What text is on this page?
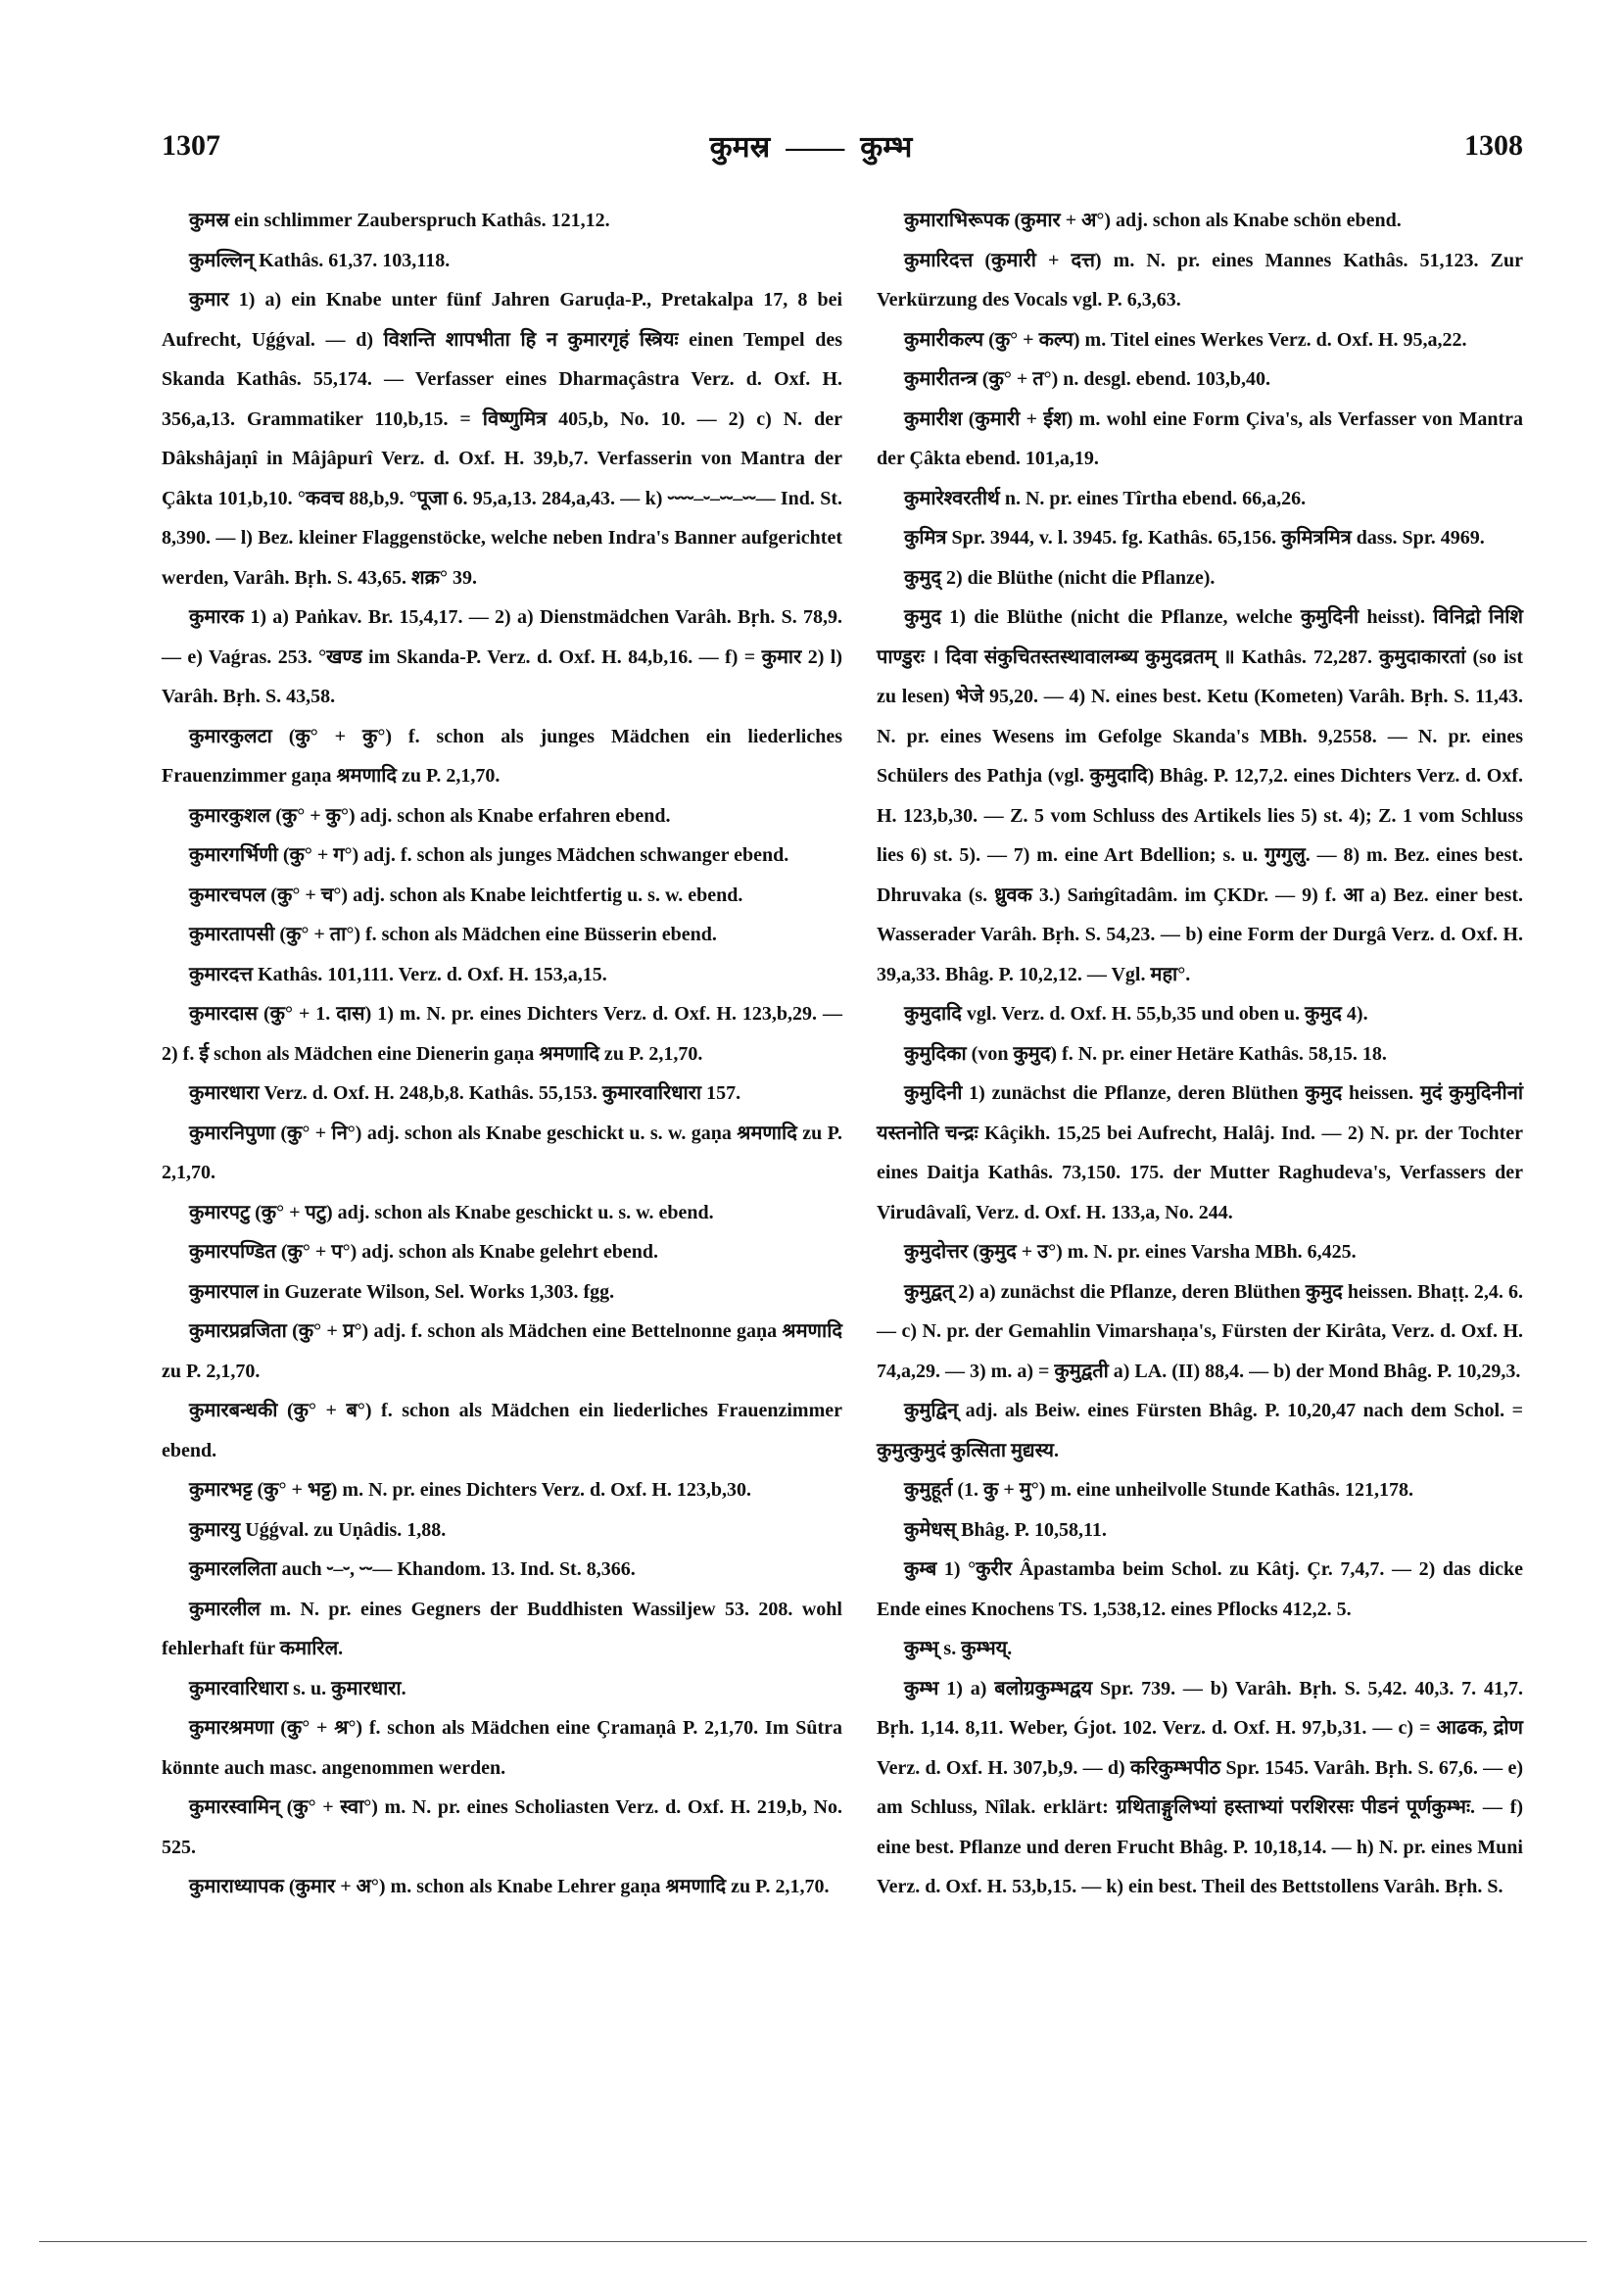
1307	कुमस्र —— कुम्भ	1308

कुमस्र ein schlimmer Zauberspruch Kathâs. 121,12.

कुमल्लिन् Kathâs. 61,37. 103,118.

कुमार 1) a) ein Knabe unter fünf Jahren Garuḍa-P., Pretakalpa 17, 8 bei Aufrecht, Uǵǵval. — d) विशन्ति शापभीता हि न कुमारगृहं स्त्रियः einen Tempel des Skanda Kathâs. 55,174. — Verfasser eines Dharmaçâstra Verz. d. Oxf. H. 356,a,13. Grammatiker 110,b,15. = विष्णुमित्र 405,b, No. 10. — 2) c) N. der Dâkshâjaṇî in Mâjâpurî Verz. d. Oxf. H. 39,b,7. Verfasserin von Mantra der Çâkta 101,b,10. °कवच 88,b,9. °पूजा 6. 95,a,13. 284,a,43. — k) ⏑⏑⏑⏑–⏑–⏑⏑–⏑⏑–– Ind. St. 8,390. — l) Bez. kleiner Flaggenstöcke, welche neben Indra's Banner aufgerichtet werden, Varâh. Bṛh. S. 43,65. शक्र° 39.

कुमारक 1) a) Paṅkav. Br. 15,4,17. — 2) a) Dienstmädchen Varâh. Bṛh. S. 78,9. — e) Vaǵras. 253. °खण्ड im Skanda-P. Verz. d. Oxf. H. 84,b,16. — f) = कुमार 2) l) Varâh. Bṛh. S. 43,58.

कुमारकुलटा (कु° + कु°) f. schon als junges Mädchen ein liederliches Frauenzimmer gaṇa श्रमणादि zu P. 2,1,70.

कुमारकुशल (कु° + कु°) adj. schon als Knabe erfahren ebend.

कुमारगर्भिणी (कु° + ग°) adj. f. schon als junges Mädchen schwanger ebend.

कुमारचपल (कु° + च°) adj. schon als Knabe leichtfertig u. s. w. ebend.

कुमारतापसी (कु° + ता°) f. schon als Mädchen eine Büsserin ebend.

कुमारदत्त Kathâs. 101,111. Verz. d. Oxf. H. 153,a,15.

कुमारदास (कु° + 1. दास) 1) m. N. pr. eines Dichters Verz. d. Oxf. H. 123,b,29. — 2) f. ई schon als Mädchen eine Dienerin gaṇa श्रमणादि zu P. 2,1,70.

कुमारधारा Verz. d. Oxf. H. 248,b,8. Kathâs. 55,153. कुमारवारिधारा 157.

कुमारनिपुणा (कु° + नि°) adj. schon als Knabe geschickt u. s. w. gaṇa श्रमणादि zu P. 2,1,70.

कुमारपटु (कु° + पटु) adj. schon als Knabe geschickt u. s. w. ebend.

कुमारपण्डित (कु° + प°) adj. schon als Knabe gelehrt ebend.

कुमारपाल in Guzerate Wilson, Sel. Works 1,303. fgg.

कुमारप्रव्रजिता (कु° + प्र°) adj. f. schon als Mädchen eine Bettelnonne gaṇa श्रमणादि zu P. 2,1,70.

कुमारबन्धकी (कु° + ब°) f. schon als Mädchen ein liederliches Frauenzimmer ebend.

कुमारभट्ट (कु° + भट्ट) m. N. pr. eines Dichters Verz. d. Oxf. H. 123,b,30.

कुमारयु Uǵǵval. zu Uṇâdis. 1,88.

कुमारललिता auch ⏑–⏑, ⏑⏑–– Khandom. 13. Ind. St. 8,366.

कुमारलील m. N. pr. eines Gegners der Buddhisten Wassiljew 53. 208. wohl fehlerhaft für कमारिल.

कुमारवारिधारा s. u. कुमारधारा.

कुमारश्रमणा (कु° + श्र°) f. schon als Mädchen eine Çramaṇâ P. 2,1,70. Im Sûtra könnte auch masc. angenommen werden.

कुमारस्वामिन् (कु° + स्वा°) m. N. pr. eines Scholiasten Verz. d. Oxf. H. 219,b, No. 525.

कुमाराध्यापक (कुमार + अ°) m. schon als Knabe Lehrer gaṇa श्रमणादि zu P. 2,1,70.

कुमाराभिरूपक (कुमार + अ°) adj. schon als Knabe schön ebend.

कुमारिदत्त (कुमारी + दत्त) m. N. pr. eines Mannes Kathâs. 51,123. Zur Verkürzung des Vocals vgl. P. 6,3,63.

कुमारीकल्प (कु° + कल्प) m. Titel eines Werkes Verz. d. Oxf. H. 95,a,22.

कुमारीतन्त्र (कु° + त°) n. desgl. ebend. 103,b,40.

कुमारीश (कुमारी + ईश) m. wohl eine Form Çiva's, als Verfasser von Mantra der Çâkta ebend. 101,a,19.

कुमारेश्वरतीर्थ n. N. pr. eines Tîrtha ebend. 66,a,26.

कुमित्र Spr. 3944, v. l. 3945. fg. Kathâs. 65,156. कुमित्रमित्र dass. Spr. 4969.

कुमुद् 2) die Blüthe (nicht die Pflanze).

कुमुद 1) die Blüthe (nicht die Pflanze, welche कुमुदिनी heisst). विनिद्रो निशि पाण्डुरः । दिवा संकुचितस्तस्थावालम्ब्य कुमुदव्रतम् ॥ Kathâs. 72,287. कुमुदाकारतां (so ist zu lesen) भेजे 95,20. — 4) N. eines best. Ketu (Kometen) Varâh. Bṛh. S. 11,43. N. pr. eines Wesens im Gefolge Skanda's MBh. 9,2558. — N. pr. eines Schülers des Pathja (vgl. कुमुदादि) Bhâg. P. 12,7,2. eines Dichters Verz. d. Oxf. H. 123,b,30. — Z. 5 vom Schluss des Artikels lies 5) st. 4); Z. 1 vom Schluss lies 6) st. 5). — 7) m. eine Art Bdellion; s. u. गुग्गुलु. — 8) m. Bez. eines best. Dhruvaka (s. ध्रुवक 3.) Saṁgîtadâm. im ÇKDr. — 9) f. आ a) Bez. einer best. Wasserader Varâh. Bṛh. S. 54,23. — b) eine Form der Durgâ Verz. d. Oxf. H. 39,a,33. Bhâg. P. 10,2,12. — Vgl. महा°.

कुमुदादि vgl. Verz. d. Oxf. H. 55,b,35 und oben u. कुमुद 4).

कुमुदिका (von कुमुद) f. N. pr. einer Hetäre Kathâs. 58,15. 18.

कुमुदिनी 1) zunächst die Pflanze, deren Blüthen कुमुद heissen. मुदं कुमुदिनीनां यस्तनोति चन्द्रः Kâçikh. 15,25 bei Aufrecht, Halâj. Ind. — 2) N. pr. der Tochter eines Daitja Kathâs. 73,150. 175. der Mutter Raghudeva's, Verfassers der Virudâvalî, Verz. d. Oxf. H. 133,a, No. 244.

कुमुदोत्तर (कुमुद + उ°) m. N. pr. eines Varsha MBh. 6,425.

कुमुद्वत् 2) a) zunächst die Pflanze, deren Blüthen कुमुद heissen. Bhaṭṭ. 2,4. 6. — c) N. pr. der Gemahlin Vimarshaṇa's, Fürsten der Kirâta, Verz. d. Oxf. H. 74,a,29. — 3) m. a) = कुमुद्वती a) LA. (II) 88,4. — b) der Mond Bhâg. P. 10,29,3.

कुमुद्विन् adj. als Beiw. eines Fürsten Bhâg. P. 10,20,47 nach dem Schol. = कुमुत्कुमुदं कुत्सिता मुद्यस्य.

कुमुहूर्त (1. कु + मु°) m. eine unheilvolle Stunde Kathâs. 121,178.

कुमेधस् Bhâg. P. 10,58,11.

कुम्ब 1) °कुरीर Âpastamba beim Schol. zu Kâtj. Çr. 7,4,7. — 2) das dicke Ende eines Knochens TS. 1,538,12. eines Pflocks 412,2. 5.

कुम्भ् s. कुम्भय्.

कुम्भ 1) a) बलोग्रकुम्भद्वय Spr. 739. — b) Varâh. Bṛh. S. 5,42. 40,3. 7. 41,7. Bṛh. 1,14. 8,11. Weber, Ǵjot. 102. Verz. d. Oxf. H. 97,b,31. — c) = आढक, द्रोण Verz. d. Oxf. H. 307,b,9. — d) करिकुम्भपीठ Spr. 1545. Varâh. Bṛh. S. 67,6. — e) am Schluss, Nîlak. erklärt: ग्रथिताङ्गुलिभ्यां हस्ताभ्यां परशिरसः पीडनं पूर्णकुम्भः. — f) eine best. Pflanze und deren Frucht Bhâg. P. 10,18,14. — h) N. pr. eines Muni Verz. d. Oxf. H. 53,b,15. — k) ein best. Theil des Bettstollens Varâh. Bṛh. S.
